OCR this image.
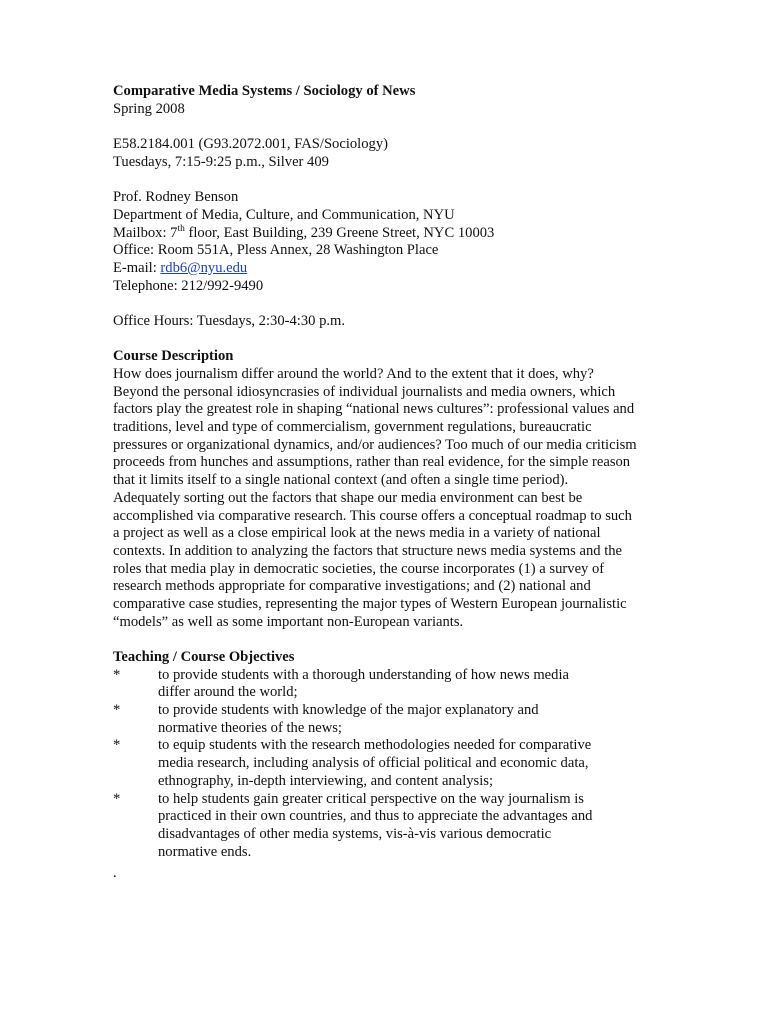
Comparative Media Systems / Sociology of News
Spring 2008
E58.2184.001 (G93.2072.001, FAS/Sociology)
Tuesdays, 7:15-9:25 p.m., Silver 409
Prof. Rodney Benson
Department of Media, Culture, and Communication, NYU
Mailbox: 7th floor, East Building, 239 Greene Street, NYC 10003
Office: Room 551A, Pless Annex, 28 Washington Place
E-mail: rdb6@nyu.edu
Telephone: 212/992-9490
Office Hours: Tuesdays, 2:30-4:30 p.m.
Course Description
How does journalism differ around the world? And to the extent that it does, why?
Beyond the personal idiosyncrasies of individual journalists and media owners, which
factors play the greatest role in shaping “national news cultures”: professional values and
traditions, level and type of commercialism, government regulations, bureaucratic
pressures or organizational dynamics, and/or audiences? Too much of our media criticism
proceeds from hunches and assumptions, rather than real evidence, for the simple reason
that it limits itself to a single national context (and often a single time period).
Adequately sorting out the factors that shape our media environment can best be
accomplished via comparative research. This course offers a conceptual roadmap to such
a project as well as a close empirical look at the news media in a variety of national
contexts. In addition to analyzing the factors that structure news media systems and the
roles that media play in democratic societies, the course incorporates (1) a survey of
research methods appropriate for comparative investigations; and (2) national and
comparative case studies, representing the major types of Western European journalistic
“models” as well as some important non-European variants.
Teaching / Course Objectives
*	to provide students with a thorough understanding of how news media
differ around the world;
*	to provide students with knowledge of the major explanatory and
normative theories of the news;
*	to equip students with the research methodologies needed for comparative
media research, including analysis of official political and economic data,
ethnography, in-depth interviewing, and content analysis;
*	to help students gain greater critical perspective on the way journalism is
practiced in their own countries, and thus to appreciate the advantages and
disadvantages of other media systems, vis-à-vis various democratic
normative ends.
.
